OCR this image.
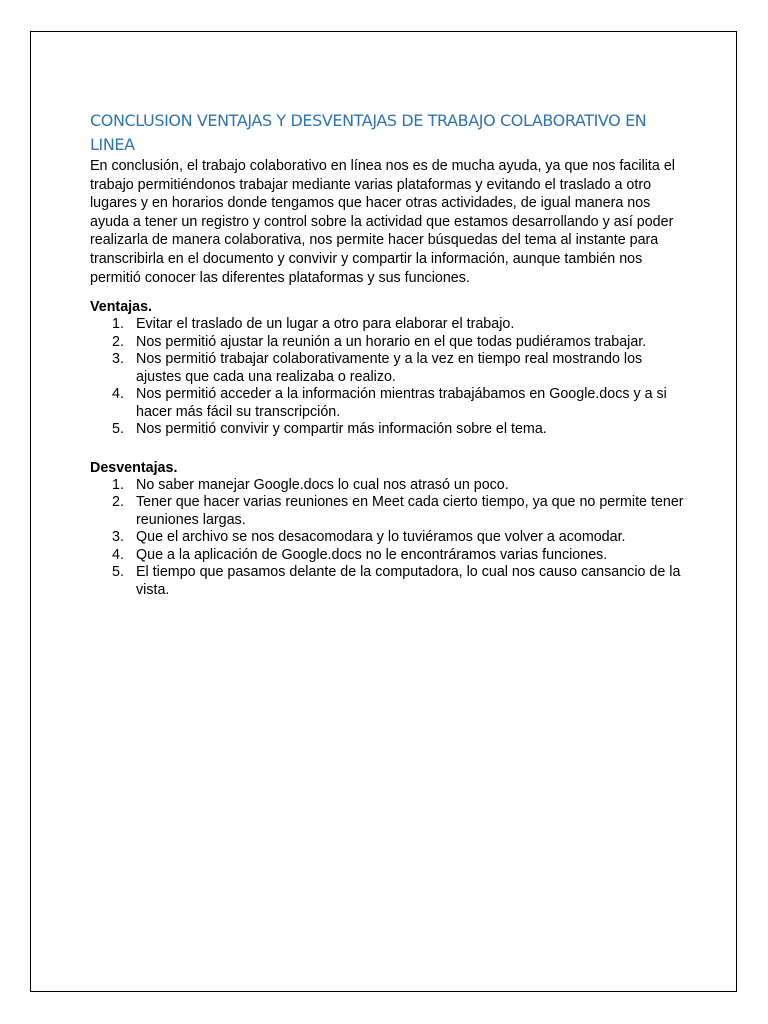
CONCLUSION VENTAJAS Y DESVENTAJAS DE TRABAJO COLABORATIVO EN LINEA

En conclusión, el trabajo colaborativo en línea nos es de mucha ayuda, ya que nos facilita el trabajo permitiéndonos trabajar mediante varias plataformas y evitando el traslado a otro lugares y en horarios donde tengamos que hacer otras actividades, de igual manera nos ayuda a tener un registro y control sobre la actividad que estamos desarrollando y así poder realizarla de manera colaborativa, nos permite hacer búsquedas del tema al instante para transcribirla en el documento y convivir y compartir la información, aunque también nos permitió conocer las diferentes plataformas y sus funciones.

Ventajas.
1. Evitar el traslado de un lugar a otro para elaborar el trabajo.
2. Nos permitió ajustar la reunión a un horario en el que todas pudiéramos trabajar.
3. Nos permitió trabajar colaborativamente y a la vez en tiempo real mostrando los ajustes que cada una realizaba o realizo.
4. Nos permitió acceder a la información mientras trabajábamos en Google.docs y a si hacer más fácil su transcripción.
5. Nos permitió convivir y compartir más información sobre el tema.
Desventajas.
1. No saber manejar Google.docs lo cual nos atrasó un poco.
2. Tener que hacer varias reuniones en Meet cada cierto tiempo, ya que no permite tener reuniones largas.
3. Que el archivo se nos desacomodara y lo tuviéramos que volver a acomodar.
4. Que a la aplicación de Google.docs no le encontráramos varias funciones.
5. El tiempo que pasamos delante de la computadora, lo cual nos causo cansancio de la vista.
